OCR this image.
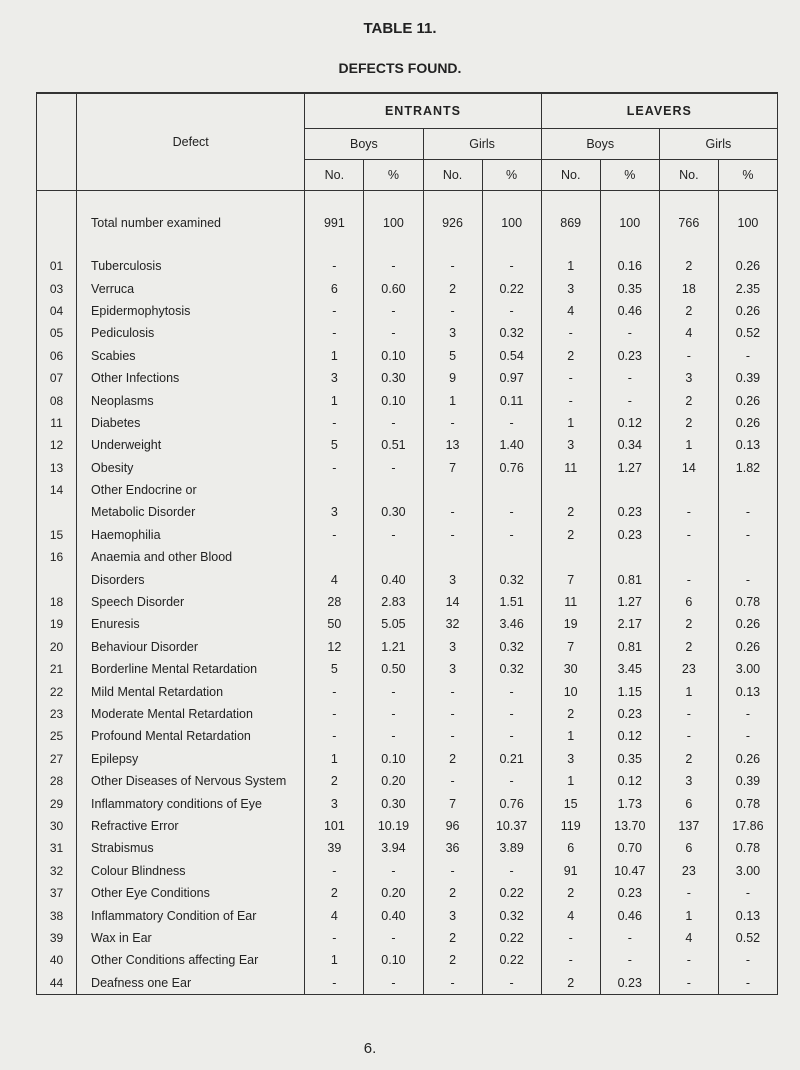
TABLE 11.
DEFECTS FOUND.
	Defect	ENTRANTS				LEAVERS			
		Boys		Girls		Boys		Girls	
		No.	%	No.	%	No.	%	No.	%
	Total number examined	991	100	926	100	869	100	766	100
01	Tuberculosis	-	-	-	-	1	0.16	2	0.26
03	Verruca	6	0.60	2	0.22	3	0.35	18	2.35
04	Epidermophytosis	-	-	-	-	4	0.46	2	0.26
05	Pediculosis	-	-	3	0.32	-	-	4	0.52
06	Scabies	1	0.10	5	0.54	2	0.23	-	-
07	Other Infections	3	0.30	9	0.97	-	-	3	0.39
08	Neoplasms	1	0.10	1	0.11	-	-	2	0.26
11	Diabetes	-	-	-	-	1	0.12	2	0.26
12	Underweight	5	0.51	13	1.40	3	0.34	1	0.13
13	Obesity	-	-	7	0.76	11	1.27	14	1.82
14	Other Endocrine or								
	Metabolic Disorder	3	0.30	-	-	2	0.23	-	-
15	Haemophilia	-	-	-	-	2	0.23	-	-
16	Anaemia and other Blood								
	Disorders	4	0.40	3	0.32	7	0.81	-	-
18	Speech Disorder	28	2.83	14	1.51	11	1.27	6	0.78
19	Enuresis	50	5.05	32	3.46	19	2.17	2	0.26
20	Behaviour Disorder	12	1.21	3	0.32	7	0.81	2	0.26
21	Borderline Mental Retardation	5	0.50	3	0.32	30	3.45	23	3.00
22	Mild Mental Retardation	-	-	-	-	10	1.15	1	0.13
23	Moderate Mental Retardation	-	-	-	-	2	0.23	-	-
25	Profound Mental Retardation	-	-	-	-	1	0.12	-	-
27	Epilepsy	1	0.10	2	0.21	3	0.35	2	0.26
28	Other Diseases of Nervous System	2	0.20	-	-	1	0.12	3	0.39
29	Inflammatory conditions of Eye	3	0.30	7	0.76	15	1.73	6	0.78
30	Refractive Error	101	10.19	96	10.37	119	13.70	137	17.86
31	Strabismus	39	3.94	36	3.89	6	0.70	6	0.78
32	Colour Blindness	-	-	-	-	91	10.47	23	3.00
37	Other Eye Conditions	2	0.20	2	0.22	2	0.23	-	-
38	Inflammatory Condition of Ear	4	0.40	3	0.32	4	0.46	1	0.13
39	Wax in Ear	-	-	2	0.22	-	-	4	0.52
40	Other Conditions affecting Ear	1	0.10	2	0.22	-	-	-	-
44	Deafness one Ear	-	-	-	-	2	0.23	-	-
6.
